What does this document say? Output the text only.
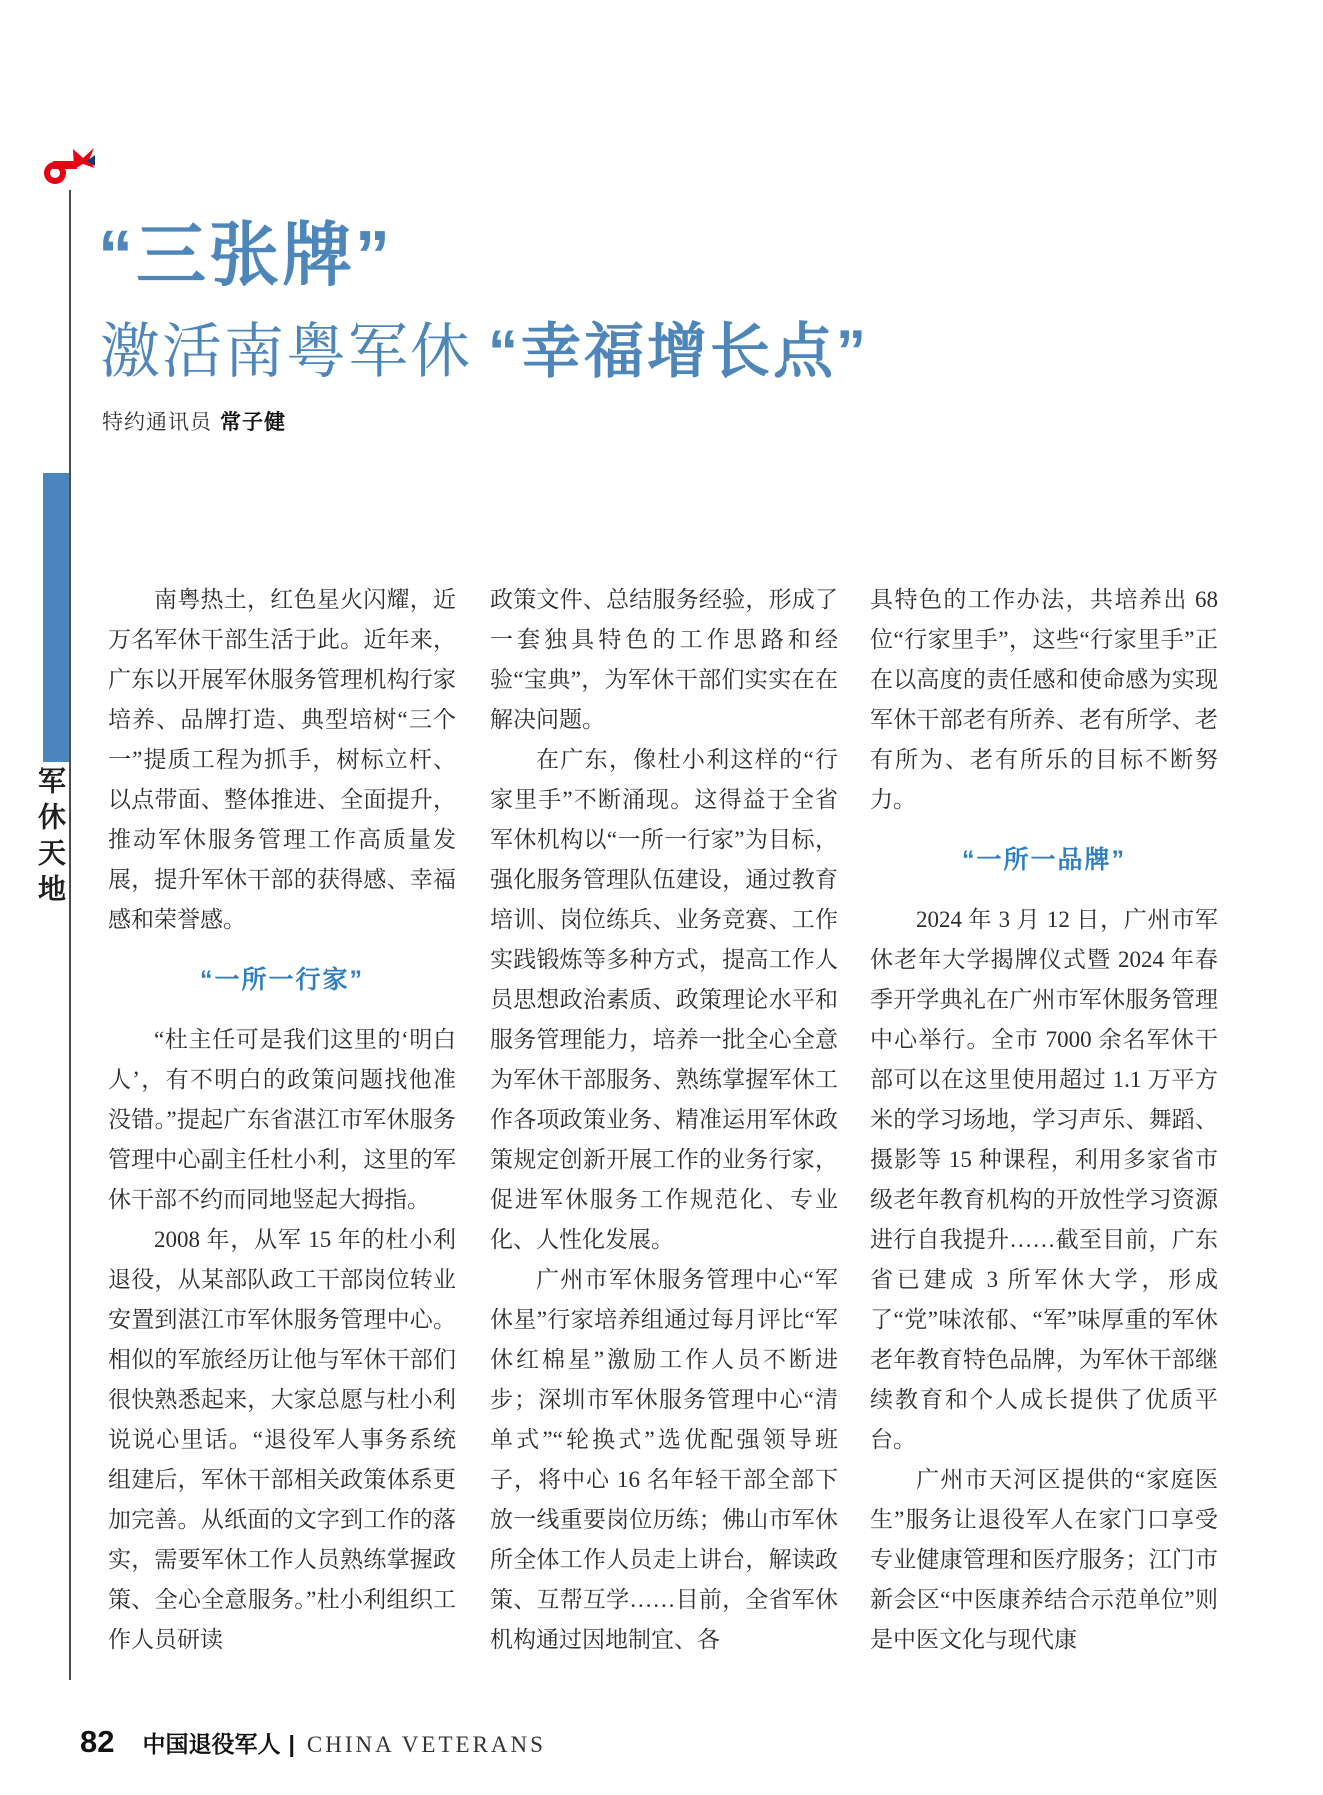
军休天地
“三张牌”
激活南粤军休 “幸福增长点”
特约通讯员 常子健

南粤热土，红色星火闪耀，近万名军休干部生活于此。近年来，广东以开展军休服务管理机构行家培养、品牌打造、典型培树“三个一”提质工程为抓手，树标立杆、以点带面、整体推进、全面提升，推动军休服务管理工作高质量发展，提升军休干部的获得感、幸福感和荣誉感。

“一所一行家”

“杜主任可是我们这里的‘明白人’，有不明白的政策问题找他准没错。”提起广东省湛江市军休服务管理中心副主任杜小利，这里的军休干部不约而同地竖起大拇指。

2008 年，从军 15 年的杜小利退役，从某部队政工干部岗位转业安置到湛江市军休服务管理中心。相似的军旅经历让他与军休干部们很快熟悉起来，大家总愿与杜小利说说心里话。“退役军人事务系统组建后，军休干部相关政策体系更加完善。从纸面的文字到工作的落实，需要军休工作人员熟练掌握政策、全心全意服务。”杜小利组织工作人员研读

政策文件、总结服务经验，形成了一套独具特色的工作思路和经验“宝典”，为军休干部们实实在在解决问题。

在广东，像杜小利这样的“行家里手”不断涌现。这得益于全省军休机构以“一所一行家”为目标，强化服务管理队伍建设，通过教育培训、岗位练兵、业务竞赛、工作实践锻炼等多种方式，提高工作人员思想政治素质、政策理论水平和服务管理能力，培养一批全心全意为军休干部服务、熟练掌握军休工作各项政策业务、精准运用军休政策规定创新开展工作的业务行家，促进军休服务工作规范化、专业化、人性化发展。

广州市军休服务管理中心“军休星”行家培养组通过每月评比“军休红棉星”激励工作人员不断进步；深圳市军休服务管理中心“清单式”“轮换式”选优配强领导班子，将中心 16 名年轻干部全部下放一线重要岗位历练；佛山市军休所全体工作人员走上讲台，解读政策、互帮互学……目前，全省军休机构通过因地制宜、各

具特色的工作办法，共培养出 68 位“行家里手”，这些“行家里手”正在以高度的责任感和使命感为实现军休干部老有所养、老有所学、老有所为、老有所乐的目标不断努力。

“一所一品牌”

2024 年 3 月 12 日，广州市军休老年大学揭牌仪式暨 2024 年春季开学典礼在广州市军休服务管理中心举行。全市 7000 余名军休干部可以在这里使用超过 1.1 万平方米的学习场地，学习声乐、舞蹈、摄影等 15 种课程，利用多家省市级老年教育机构的开放性学习资源进行自我提升……截至目前，广东省已建成 3 所军休大学，形成了“党”味浓郁、“军”味厚重的军休老年教育特色品牌，为军休干部继续教育和个人成长提供了优质平台。

广州市天河区提供的“家庭医生”服务让退役军人在家门口享受专业健康管理和医疗服务；江门市新会区“中医康养结合示范单位”则是中医文化与现代康

82 中国退役军人 | CHINA VETERANS
